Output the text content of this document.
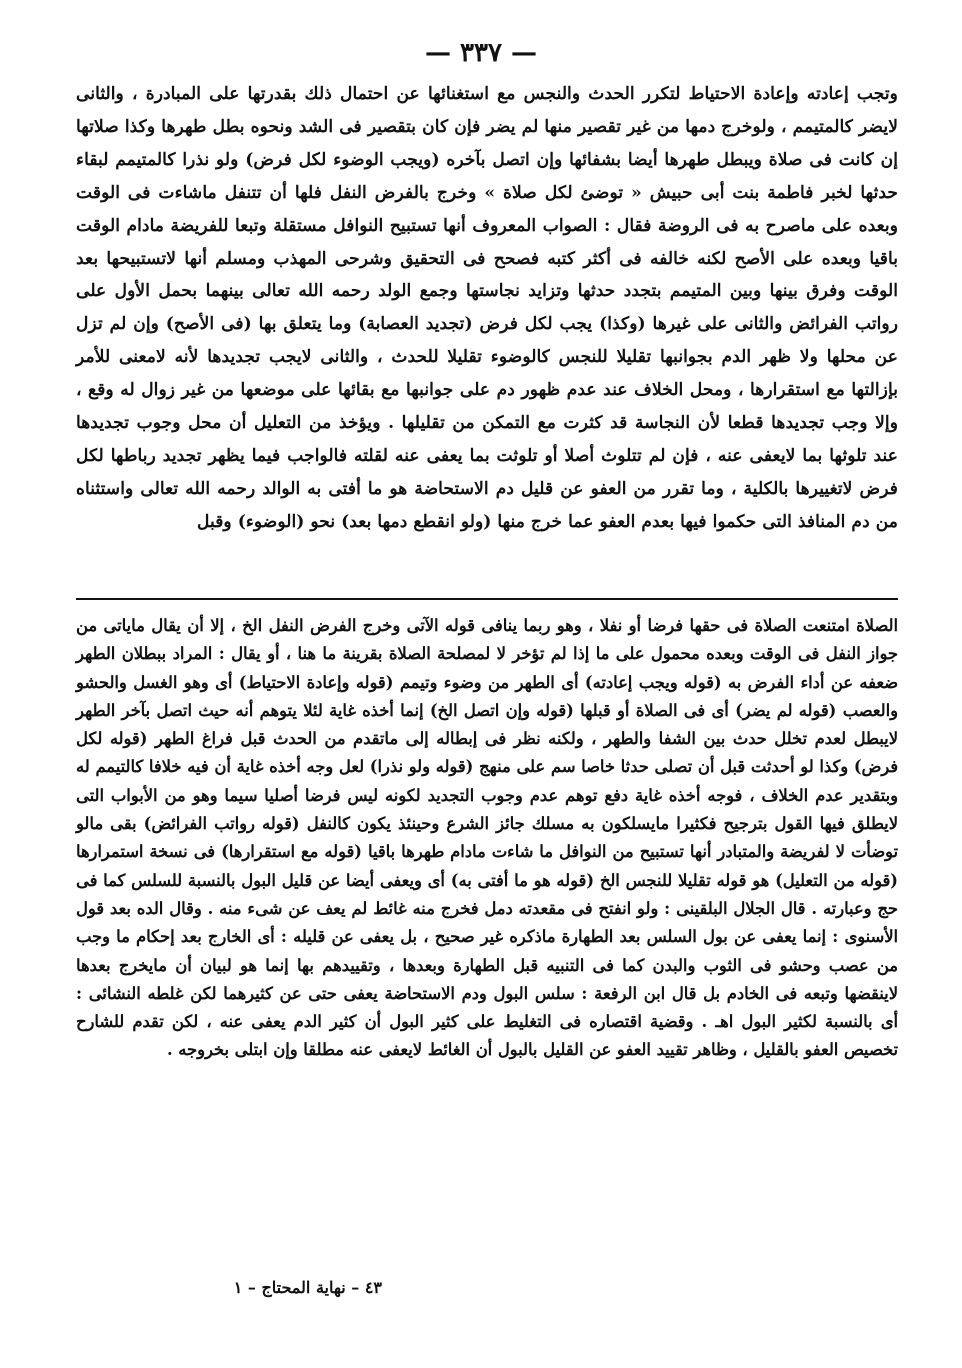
— ٣٣٧ —
وتجب إعادته وإعادة الاحتياط لتكرر الحدث والنجس مع استغنائها عن احتمال ذلك بقدرتها على المبادرة ، والثانى لايضر كالمتيمم ، ولوخرج دمها من غير تقصير منها لم يضر فإن كان بتقصير فى الشد ونحوه بطل طهرها وكذا صلاتها إن كانت فى صلاة ويبطل طهرها أيضا بشفائها وإن اتصل بآخره (ويجب الوضوء لكل فرض) ولو نذرا كالمتيمم لبقاء حدثها لخبر فاطمة بنت أبى حبيش « توضئ لكل صلاة » وخرج بالفرض النفل فلها أن تتنفل ماشاءت فى الوقت وبعده على ماصرح به فى الروضة فقال : الصواب المعروف أنها تستبيح النوافل مستقلة وتبعا للفريضة مادام الوقت باقيا وبعده على الأصح لكنه خالفه فى أكثر كتبه فصحح فى التحقيق وشرحى المهذب ومسلم أنها لاتستبيحها بعد الوقت وفرق بينها وبين المتيمم بتجدد حدثها وتزايد نجاستها وجمع الولد رحمه الله تعالى بينهما بحمل الأول على رواتب الفرائض والثانى على غيرها (وكذا) يجب لكل فرض (تجديد العصابة) وما يتعلق بها (فى الأصح) وإن لم تزل عن محلها ولا ظهر الدم بجوانبها تقليلا للنجس كالوضوء تقليلا للحدث ، والثانى لايجب تجديدها لأنه لامعنى للأمر بإزالتها مع استقرارها ، ومحل الخلاف عند عدم ظهور دم على جوانبها مع بقائها على موضعها من غير زوال له وقع ، وإلا وجب تجديدها قطعا لأن النجاسة قد كثرت مع التمكن من تقليلها . ويؤخذ من التعليل أن محل وجوب تجديدها عند تلوثها بما لايعفى عنه ، فإن لم تتلوث أصلا أو تلوثت بما يعفى عنه لقلته فالواجب فيما يظهر تجديد رباطها لكل فرض لاتغييرها بالكلية ، وما تقرر من العفو عن قليل دم الاستحاضة هو ما أفتى به الوالد رحمه الله تعالى واستثناه من دم المنافذ التى حكموا فيها بعدم العفو عما خرج منها (ولو انقطع دمها بعد) نحو (الوضوء) وقبل
الصلاة امتنعت الصلاة فى حقها فرضا أو نفلا ، وهو ربما ينافى قوله الآتى وخرج الفرض النفل الخ ، إلا أن يقال ماياتى من جواز النفل فى الوقت وبعده محمول على ما إذا لم تؤخر لا لمصلحة الصلاة بقرينة ما هنا ، أو يقال : المراد ببطلان الطهر ضعفه عن أداء الفرض به (قوله ويجب إعادته) أى الطهر من وضوء وتيمم (قوله وإعادة الاحتياط) أى وهو الغسل والحشو والعصب (قوله لم يضر) أى فى الصلاة أو قبلها (قوله وإن اتصل الخ) إنما أخذه غاية لئلا يتوهم أنه حيث اتصل بآخر الطهر لايبطل لعدم تخلل حدث بين الشفا والطهر ، ولكنه نظر فى إبطاله إلى ماتقدم من الحدث قبل فراغ الطهر (قوله لكل فرض) وكذا لو أحدثت قبل أن تصلى حدثا خاصا سم على منهج (قوله ولو نذرا) لعل وجه أخذه غاية أن فيه خلافا كالتيمم له وبتقدير عدم الخلاف ، فوجه أخذه غاية دفع توهم عدم وجوب التجديد لكونه ليس فرضا أصليا سيما وهو من الأبواب التى لايطلق فيها القول بترجيح فكثيرا مايسلكون به مسلك جائز الشرع وحينئذ يكون كالنفل (قوله رواتب الفرائض) بقى مالو توضأت لا لفريضة والمتبادر أنها تستبيح من النوافل ما شاءت مادام طهرها باقيا (قوله مع استقرارها) فى نسخة استمرارها (قوله من التعليل) هو قوله تقليلا للنجس الخ (قوله هو ما أفتى به) أى ويعفى أيضا عن قليل البول بالنسبة للسلس كما فى حج وعبارته . قال الجلال البلقينى : ولو انفتح فى مقعدته دمل فخرج منه غائط لم يعف عن شىء منه . وقال الده بعد قول الأسنوى : إنما يعفى عن بول السلس بعد الطهارة ماذكره غير صحيح ، بل يعفى عن قليله : أى الخارج بعد إحكام ما وجب من عصب وحشو فى الثوب والبدن كما فى التنبيه قبل الطهارة وبعدها ، وتقييدهم بها إنما هو لبيان أن مايخرج بعدها لاينقضها وتبعه فى الخادم بل قال ابن الرفعة : سلس البول ودم الاستحاضة يعفى حتى عن كثيرهما لكن غلطه النشائى : أى بالنسبة لكثير البول اهـ . وقضية اقتصاره فى التغليط على كثير البول أن كثير الدم يعفى عنه ، لكن تقدم للشارح تخصيص العفو بالقليل ، وظاهر تقييد العفو عن القليل بالبول أن الغائط لايعفى عنه مطلقا وإن ابتلى بخروجه .
٤٣ – نهاية المحتاج – ١
